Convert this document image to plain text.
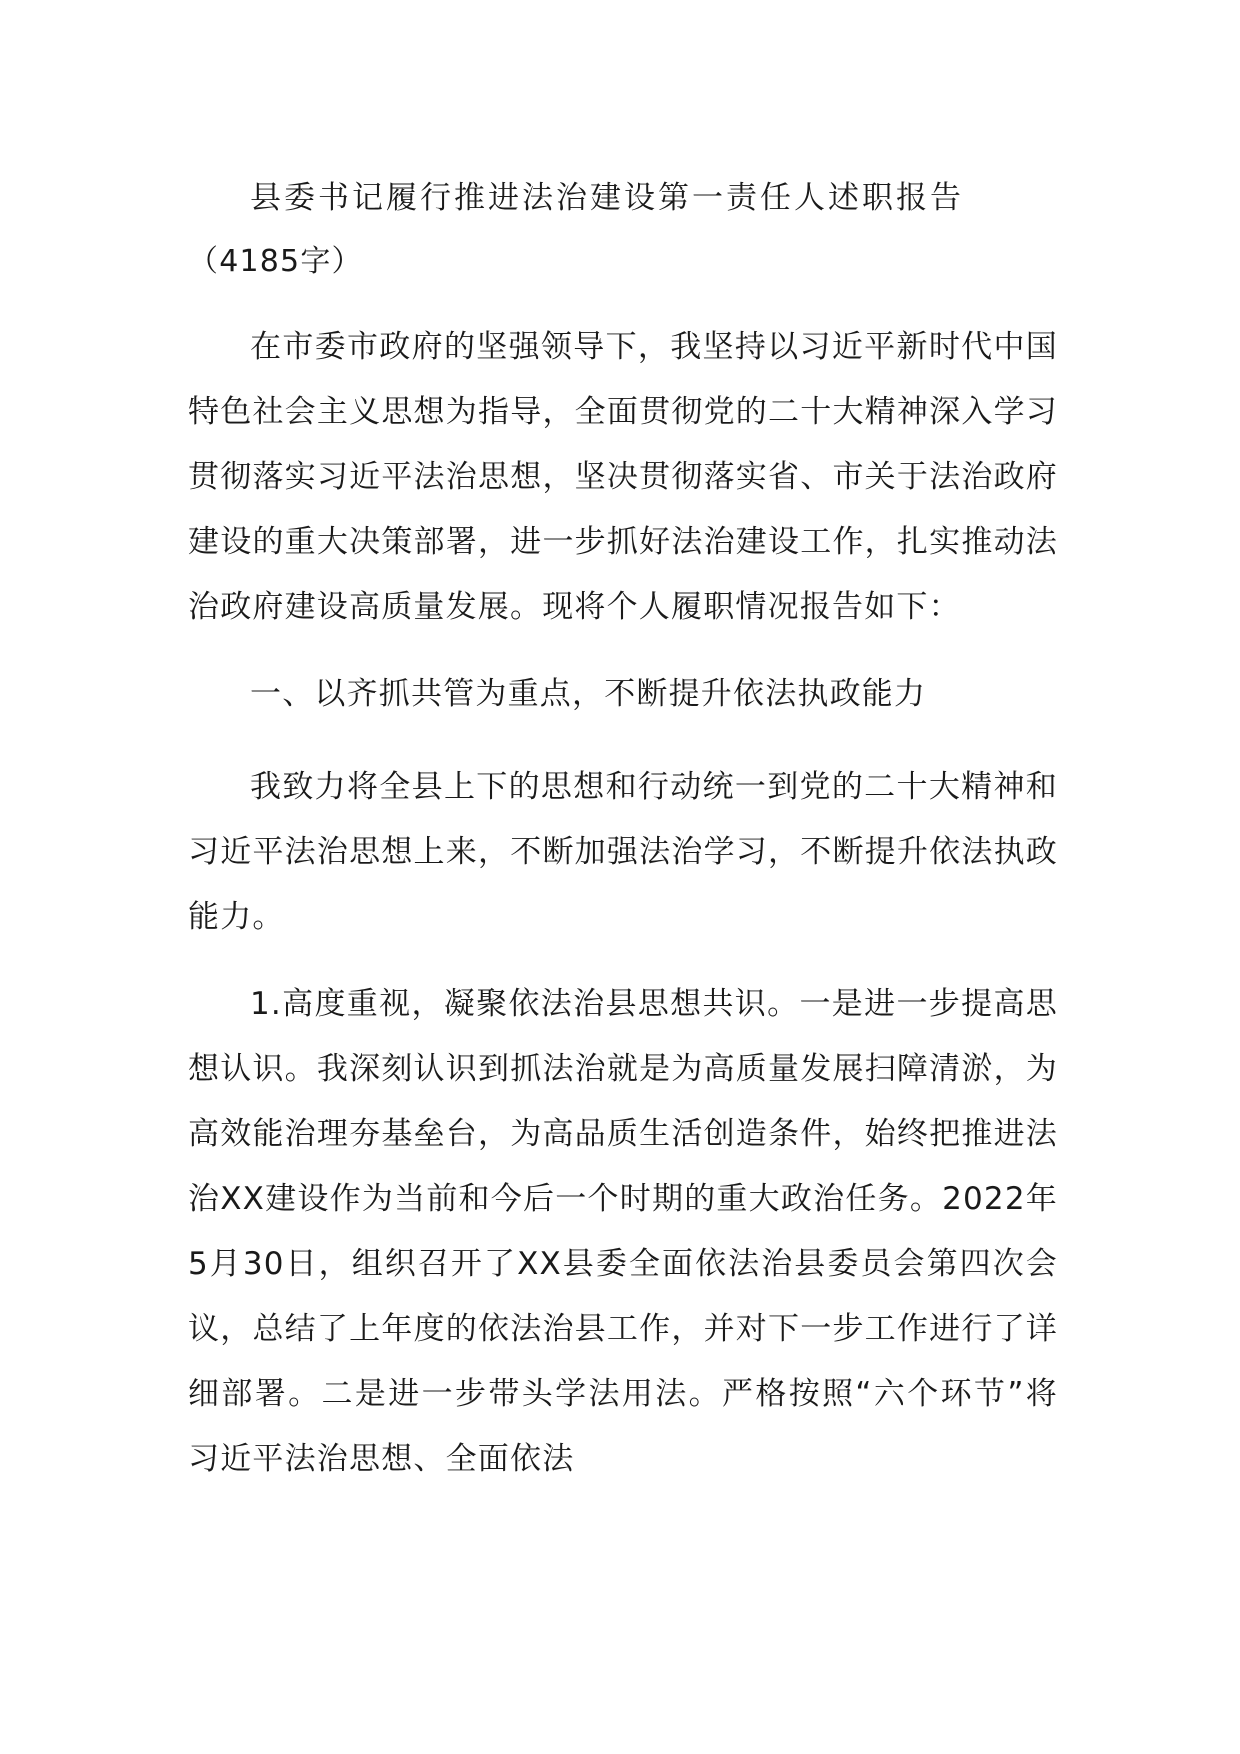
县委书记履行推进法治建设第一责任人述职报告
（4185字）

在市委市政府的坚强领导下，我坚持以习近平新时代中国特色社会主义思想为指导，全面贯彻党的二十大精神深入学习贯彻落实习近平法治思想，坚决贯彻落实省、市关于法治政府建设的重大决策部署，进一步抓好法治建设工作，扎实推动法治政府建设高质量发展。现将个人履职情况报告如下：

一、以齐抓共管为重点，不断提升依法执政能力

我致力将全县上下的思想和行动统一到党的二十大精神和习近平法治思想上来，不断加强法治学习，不断提升依法执政能力。

1.高度重视，凝聚依法治县思想共识。一是进一步提高思想认识。我深刻认识到抓法治就是为高质量发展扫障清淤，为高效能治理夯基垒台，为高品质生活创造条件，始终把推进法治XX建设作为当前和今后一个时期的重大政治任务。2022年5月30日，组织召开了XX县委全面依法治县委员会第四次会议，总结了上年度的依法治县工作，并对下一步工作进行了详细部署。二是进一步带头学法用法。严格按照“六个环节”将习近平法治思想、全面依法
